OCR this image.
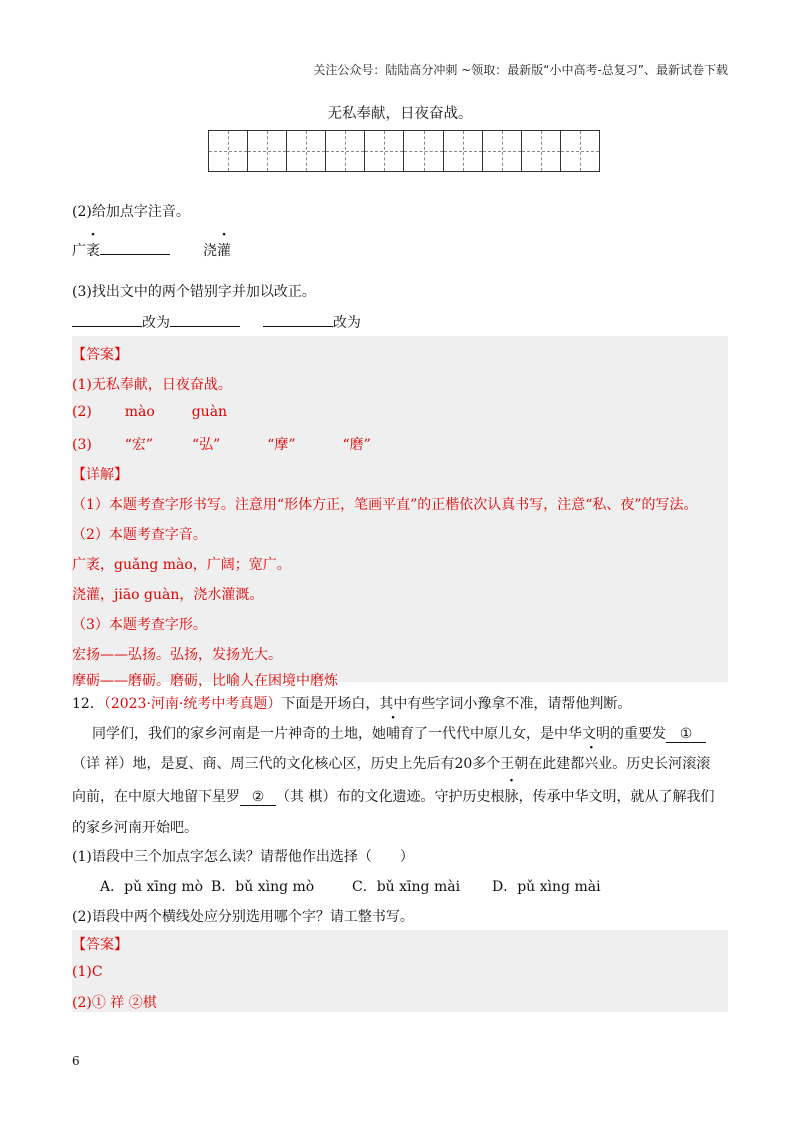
关注公众号：陆陆高分冲刺 ~领取：最新版“小中高考-总复习”、最新试卷下载
无私奉献，日夜奋战。
(2)给加点字注音。
广袤	浇灌
(3)找出文中的两个错别字并加以改正。
改为	改为
【答案】
(1)无私奉献，日夜奋战。
(2) mào	guàn
(3) “宏”	“弘”	“摩”	“磨”
【详解】
（1）本题考查字形书写。注意用“形体方正，笔画平直”的正楷依次认真书写，注意“私、夜”的写法。
（2）本题考查字音。
广袤，guǎng mào，广阔；宽广。
浇灌，jiāo guàn，浇水灌溉。
（3）本题考查字形。
宏扬——弘扬。弘扬，发扬光大。
摩砺——磨砺。磨砺，比喻人在困境中磨炼
12．（2023·河南·统考中考真题）下面是开场白，其中有些字词小豫拿不准，请帮他判断。
同学们，我们的家乡河南是一片神奇的土地，她哺育了一代代中原儿女，是中华文明的重要发 ①
（详 祥）地，是夏、商、周三代的文化核心区，历史上先后有20多个王朝在此建都兴业。历史长河滚滚
向前，在中原大地留下星罗 ② （其 棋）布的文化遗迹。守护历史根脉，传承中华文明，就从了解我们
的家乡河南开始吧。
(1)语段中三个加点字怎么读？请帮他作出选择（　　）
A．pǔ xīng mò B．bǔ xìng mò	C．bǔ xīng mài D．pǔ xìng mài
(2)语段中两个横线处应分别选用哪个字？请工整书写。
【答案】
(1)C
(2)① 祥 ②棋
6
